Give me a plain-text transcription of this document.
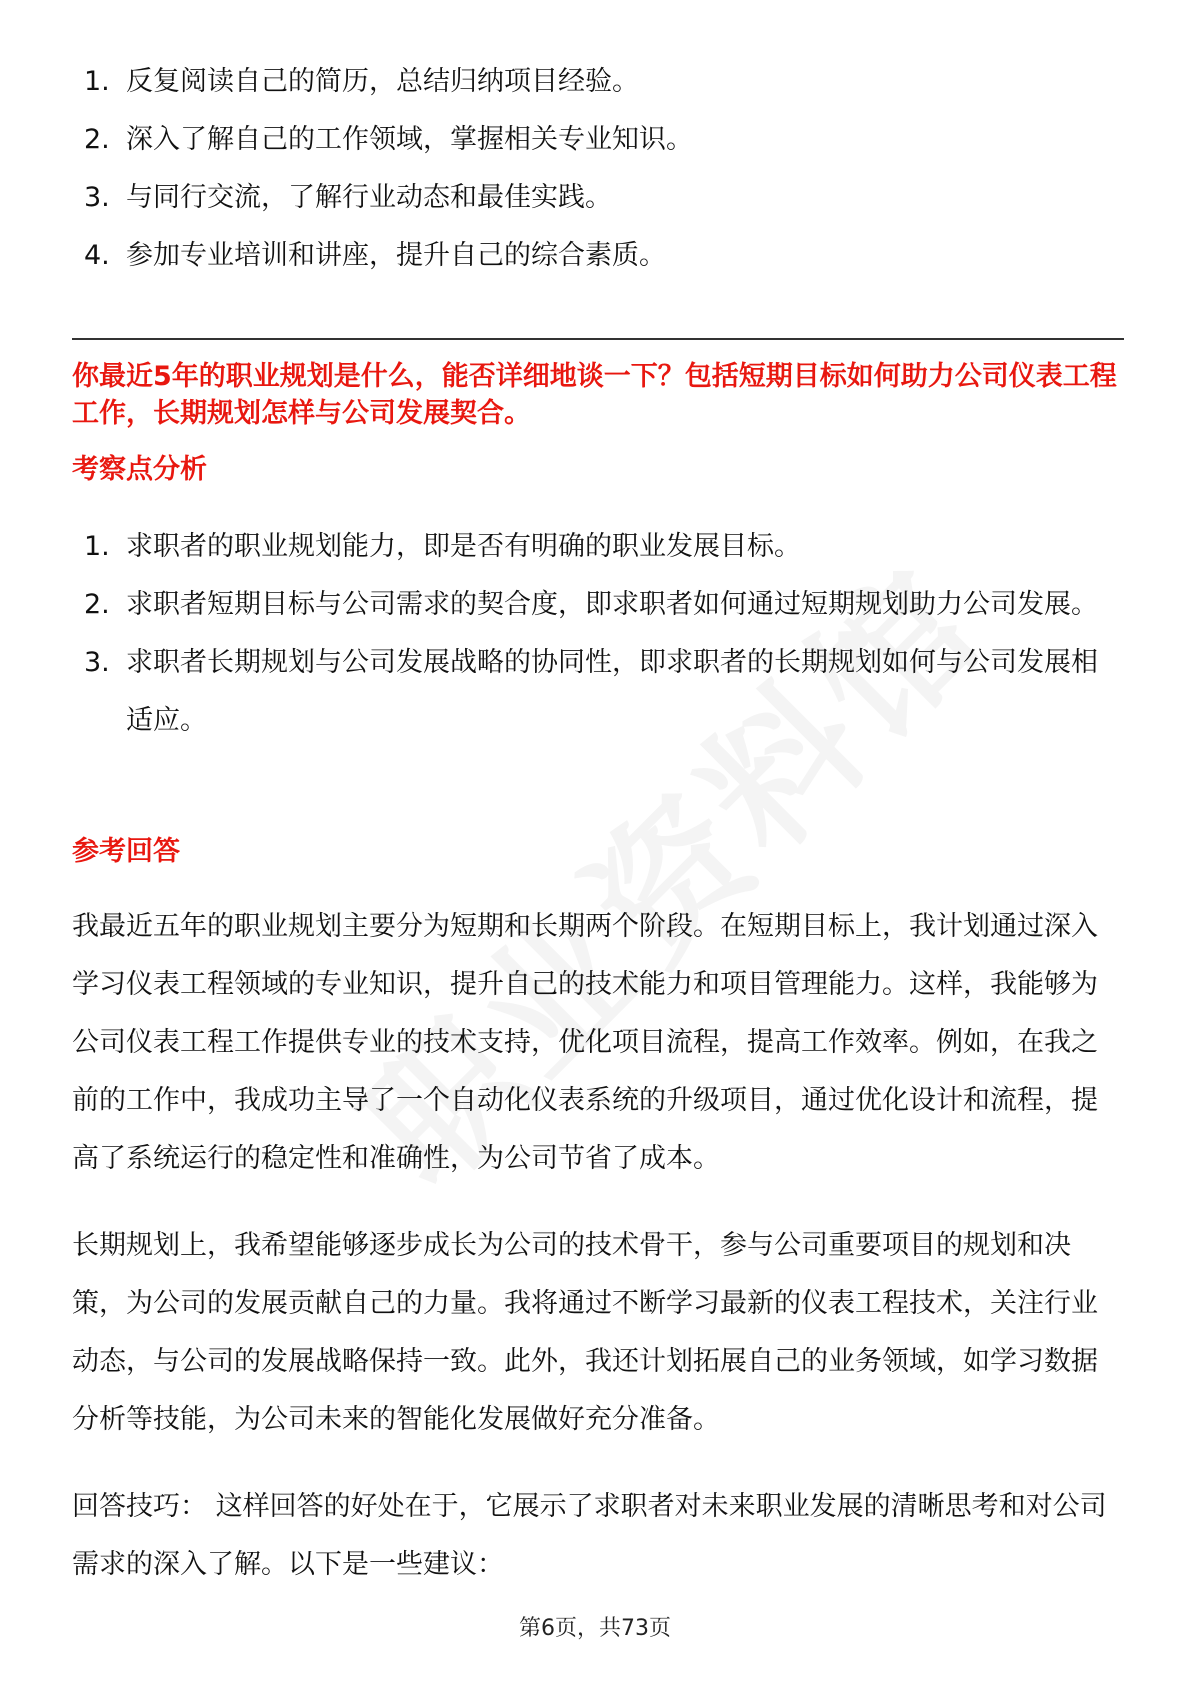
1. 反复阅读自己的简历，总结归纳项目经验。
2. 深入了解自己的工作领域，掌握相关专业知识。
3. 与同行交流，了解行业动态和最佳实践。
4. 参加专业培训和讲座，提升自己的综合素质。
你最近5年的职业规划是什么，能否详细地谈一下？包括短期目标如何助力公司仪表工程工作，长期规划怎样与公司发展契合。
考察点分析
1. 求职者的职业规划能力，即是否有明确的职业发展目标。
2. 求职者短期目标与公司需求的契合度，即求职者如何通过短期规划助力公司发展。
3. 求职者长期规划与公司发展战略的协同性，即求职者的长期规划如何与公司发展相适应。
参考回答

我最近五年的职业规划主要分为短期和长期两个阶段。在短期目标上，我计划通过深入学习仪表工程领域的专业知识，提升自己的技术能力和项目管理能力。这样，我能够为公司仪表工程工作提供专业的技术支持，优化项目流程，提高工作效率。例如，在我之前的工作中，我成功主导了一个自动化仪表系统的升级项目，通过优化设计和流程，提高了系统运行的稳定性和准确性，为公司节省了成本。

长期规划上，我希望能够逐步成长为公司的技术骨干，参与公司重要项目的规划和决策，为公司的发展贡献自己的力量。我将通过不断学习最新的仪表工程技术，关注行业动态，与公司的发展战略保持一致。此外，我还计划拓展自己的业务领域，如学习数据分析等技能，为公司未来的智能化发展做好充分准备。

回答技巧： 这样回答的好处在于，它展示了求职者对未来职业发展的清晰思考和对公司需求的深入了解。以下是一些建议：

第6页，共73页
